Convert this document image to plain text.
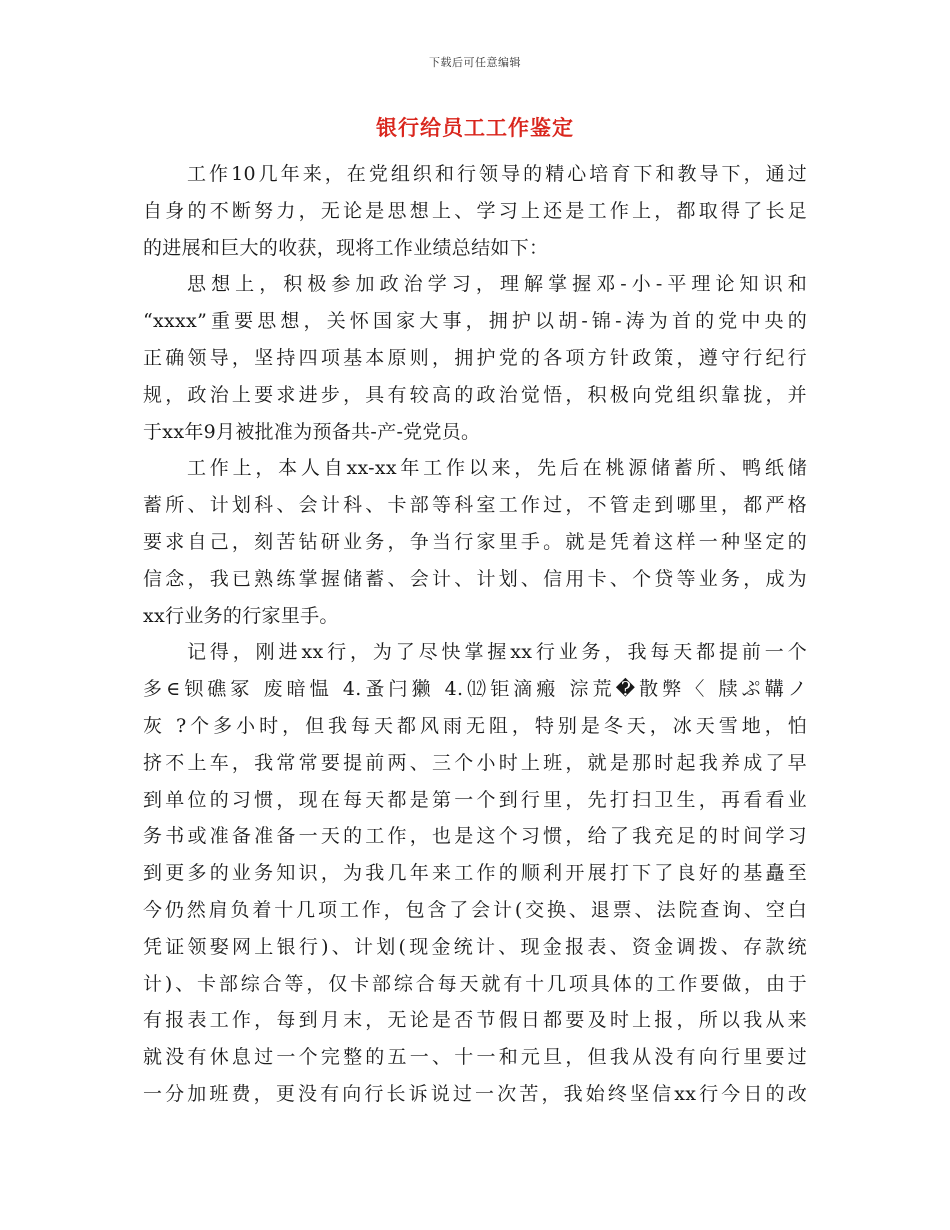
下载后可任意编辑
银行给员工工作鉴定
工作10几年来，在党组织和行领导的精心培育下和教导下，通过
自身的不断努力，无论是思想上、学习上还是工作上，都取得了长足
的进展和巨大的收获，现将工作业绩总结如下：
思想上，积极参加政治学习，理解掌握邓-小-平理论知识和
“xxxx”重要思想，关怀国家大事，拥护以胡-锦-涛为首的党中央的
正确领导，坚持四项基本原则，拥护党的各项方针政策，遵守行纪行
规，政治上要求进步，具有较高的政治觉悟，积极向党组织靠拢，并
于xx年9月被批准为预备共-产-党党员。
工作上，本人自xx-xx年工作以来，先后在桃源储蓄所、鸭纸储
蓄所、计划科、会计科、卡部等科室工作过，不管走到哪里，都严格
要求自己，刻苦钻研业务，争当行家里手。就是凭着这样一种坚定的
信念，我已熟练掌握储蓄、会计、计划、信用卡、个贷等业务，成为
xx行业务的行家里手。
记得，刚进xx行，为了尽快掌握xx行业务，我每天都提前一个
多∈钡礁冢 废暗愠 4.蚤闩獭 4.⑿钜滴瘢 淙荒�散弊〈 牍ぷ鞲ノ
灰 ?个多小时，但我每天都风雨无阻，特别是冬天，冰天雪地，怕
挤不上车，我常常要提前两、三个小时上班，就是那时起我养成了早
到单位的习惯，现在每天都是第一个到行里，先打扫卫生，再看看业
务书或准备准备一天的工作，也是这个习惯，给了我充足的时间学习
到更多的业务知识，为我几年来工作的顺利开展打下了良好的基矗至
今仍然肩负着十几项工作，包含了会计(交换、退票、法院查询、空白
凭证领娶网上银行)、计划(现金统计、现金报表、资金调拨、存款统
计)、卡部综合等，仅卡部综合每天就有十几项具体的工作要做，由于
有报表工作，每到月末，无论是否节假日都要及时上报，所以我从来
就没有休息过一个完整的五一、十一和元旦，但我从没有向行里要过
一分加班费，更没有向行长诉说过一次苦，我始终坚信xx行今日的改
